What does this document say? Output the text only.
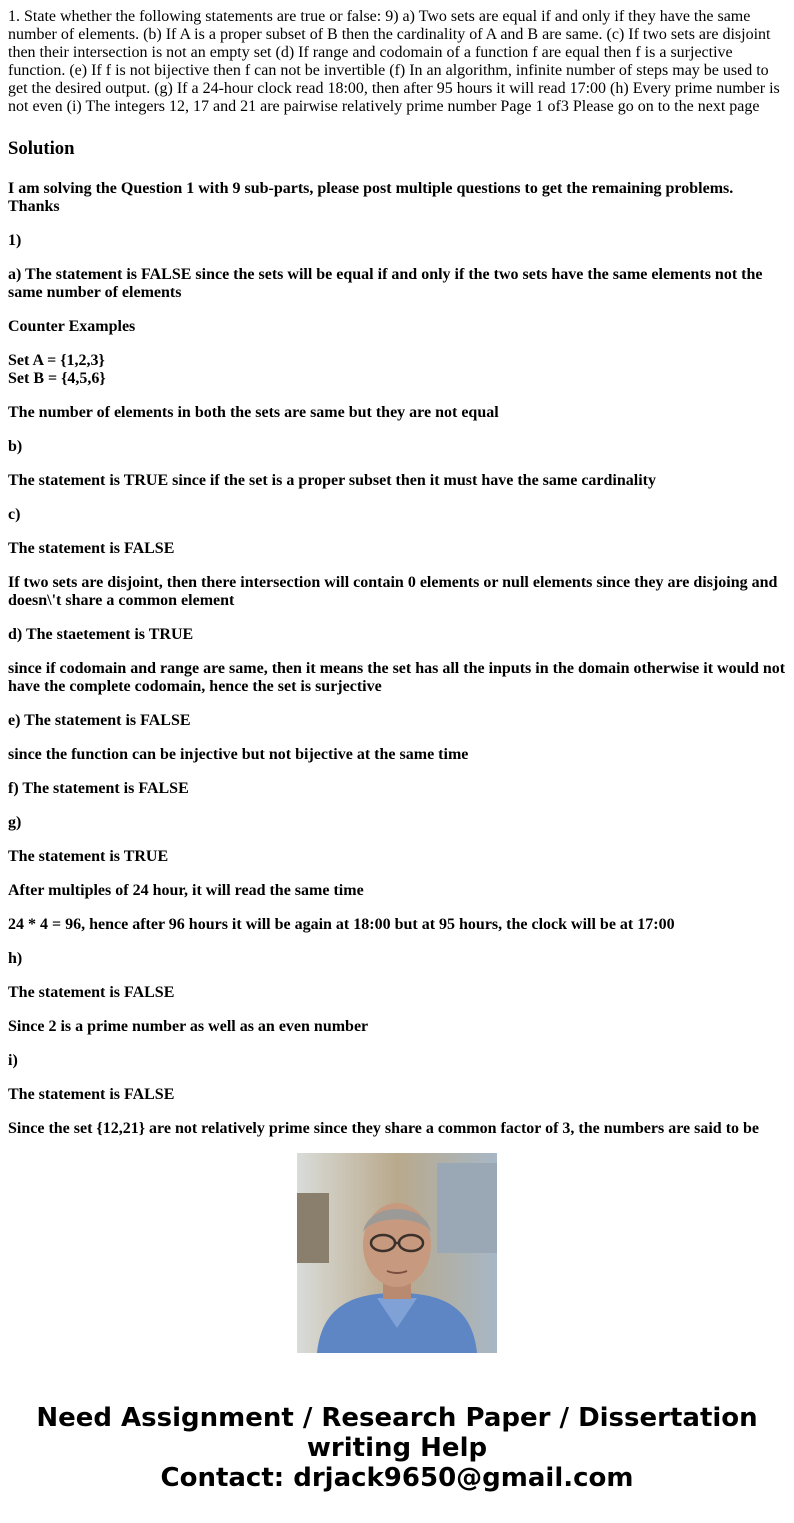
1. State whether the following statements are true or false: 9) a) Two sets are equal if and only if they have the same number of elements. (b) If A is a proper subset of B then the cardinality of A and B are same. (c) If two sets are disjoint then their intersection is not an empty set (d) If range and codomain of a function f are equal then f is a surjective function. (e) If f is not bijective then f can not be invertible (f) In an algorithm, infinite number of steps may be used to get the desired output. (g) If a 24-hour clock read 18:00, then after 95 hours it will read 17:00 (h) Every prime number is not even (i) The integers 12, 17 and 21 are pairwise relatively prime number Page 1 of3 Please go on to the next page
Solution
I am solving the Question 1 with 9 sub-parts, please post multiple questions to get the remaining problems. Thanks
1)
a) The statement is FALSE since the sets will be equal if and only if the two sets have the same elements not the same number of elements
Counter Examples
Set A = {1,2,3}
Set B = {4,5,6}
The number of elements in both the sets are same but they are not equal
b)
The statement is TRUE since if the set is a proper subset then it must have the same cardinality
c)
The statement is FALSE
If two sets are disjoint, then there intersection will contain 0 elements or null elements since they are disjoing and doesn\'t share a common element
d) The staetement is TRUE
since if codomain and range are same, then it means the set has all the inputs in the domain otherwise it would not have the complete codomain, hence the set is surjective
e) The statement is FALSE
since the function can be injective but not bijective at the same time
f) The statement is FALSE
g)
The statement is TRUE
After multiples of 24 hour, it will read the same time
24 * 4 = 96, hence after 96 hours it will be again at 18:00 but at 95 hours, the clock will be at 17:00
h)
The statement is FALSE
Since 2 is a prime number as well as an even number
i)
The statement is FALSE
Since the set {12,21} are not relatively prime since they share a common factor of 3, the numbers are said to be
Need Assignment / Research Paper / Dissertation
writing Help
Contact: drjack9650@gmail.com
